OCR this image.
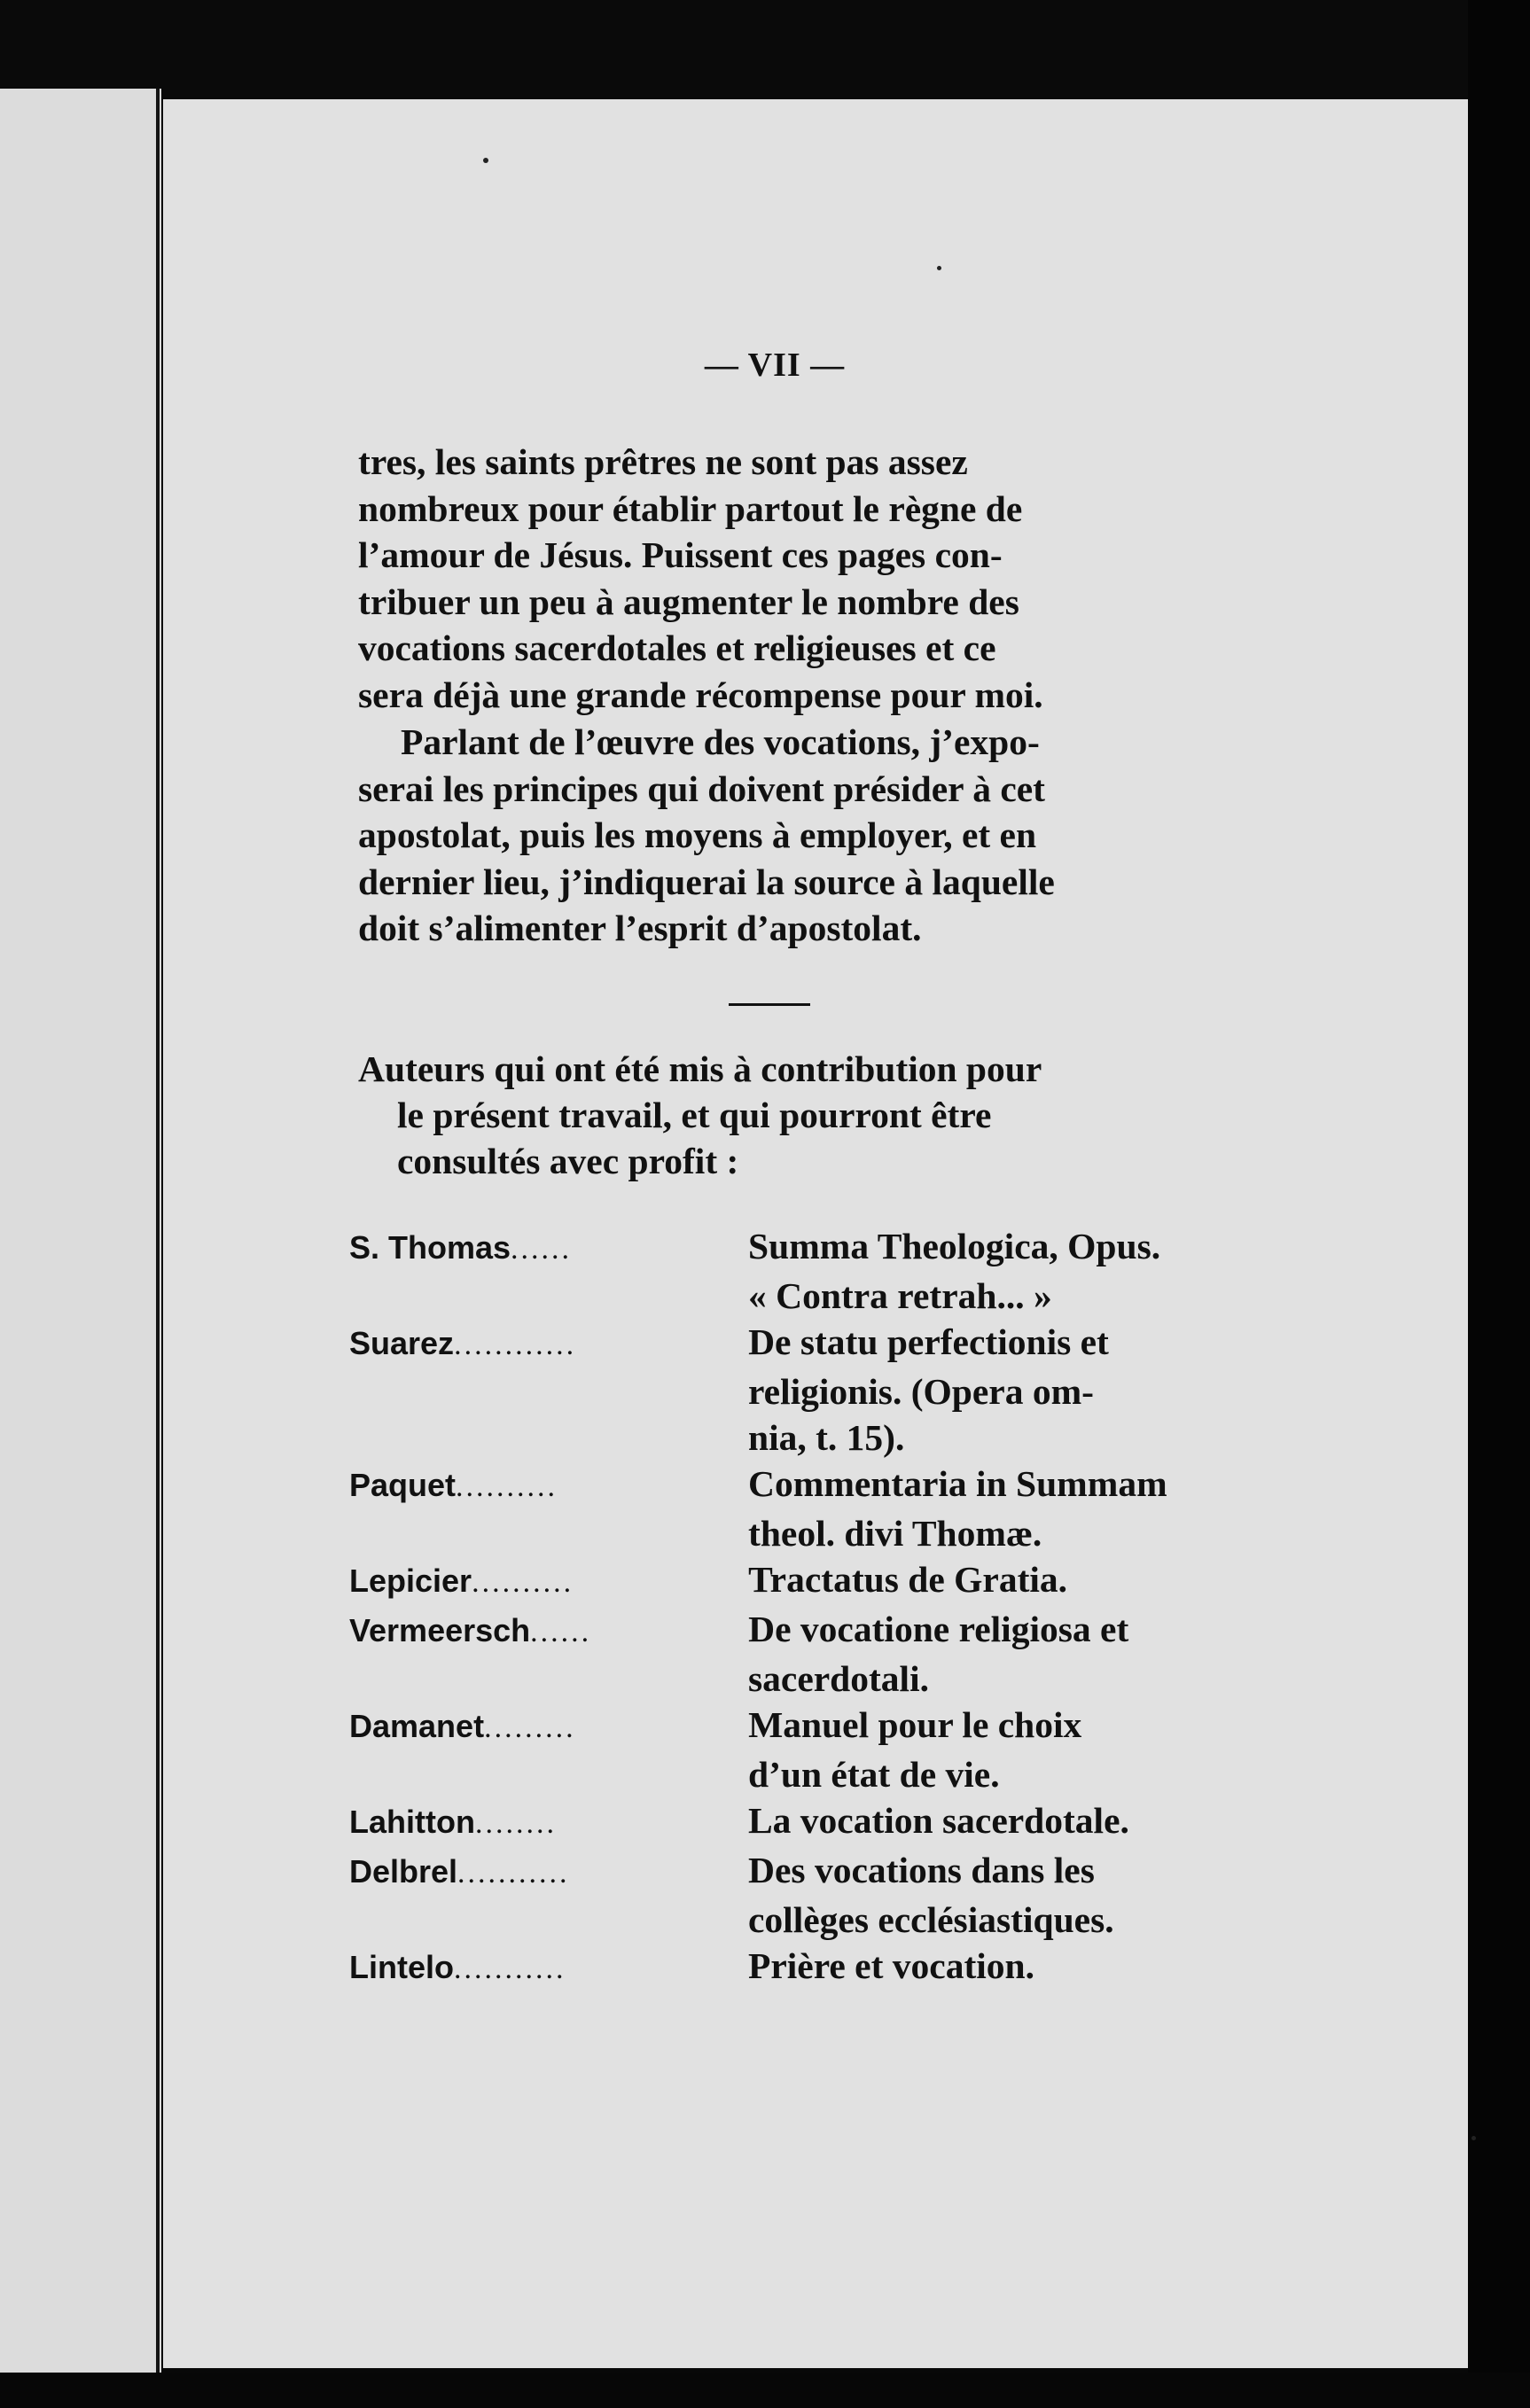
— VII —
tres, les saints prêtres ne sont pas assez
nombreux pour établir partout le règne de
l’amour de Jésus. Puissent ces pages con-
tribuer un peu à augmenter le nombre des
vocations sacerdotales et religieuses et ce
sera déjà une grande récompense pour moi.
Parlant de l’œuvre des vocations, j’expo-
serai les principes qui doivent présider à cet
apostolat, puis les moyens à employer, et en
dernier lieu, j’indiquerai la source à laquelle
doit s’alimenter l’esprit d’apostolat.
Auteurs qui ont été mis à contribution pour
le présent travail, et qui pourront être
consultés avec profit :
S. Thomas ......	Summa Theologica, Opus.
« Contra retrah... »
Suarez ............	De statu perfectionis et
religionis. (Opera om-
nia, t. 15).
Paquet ..........	Commentaria in Summam
theol. divi Thomæ.
Lepicier ..........	Tractatus de Gratia.
Vermeersch ......	De vocatione religiosa et
sacerdotali.
Damanet .........	Manuel pour le choix
d’un état de vie.
Lahitton ........	La vocation sacerdotale.
Delbrel ...........	Des vocations dans les
collèges ecclésiastiques.
Lintelo ...........	Prière et vocation.
